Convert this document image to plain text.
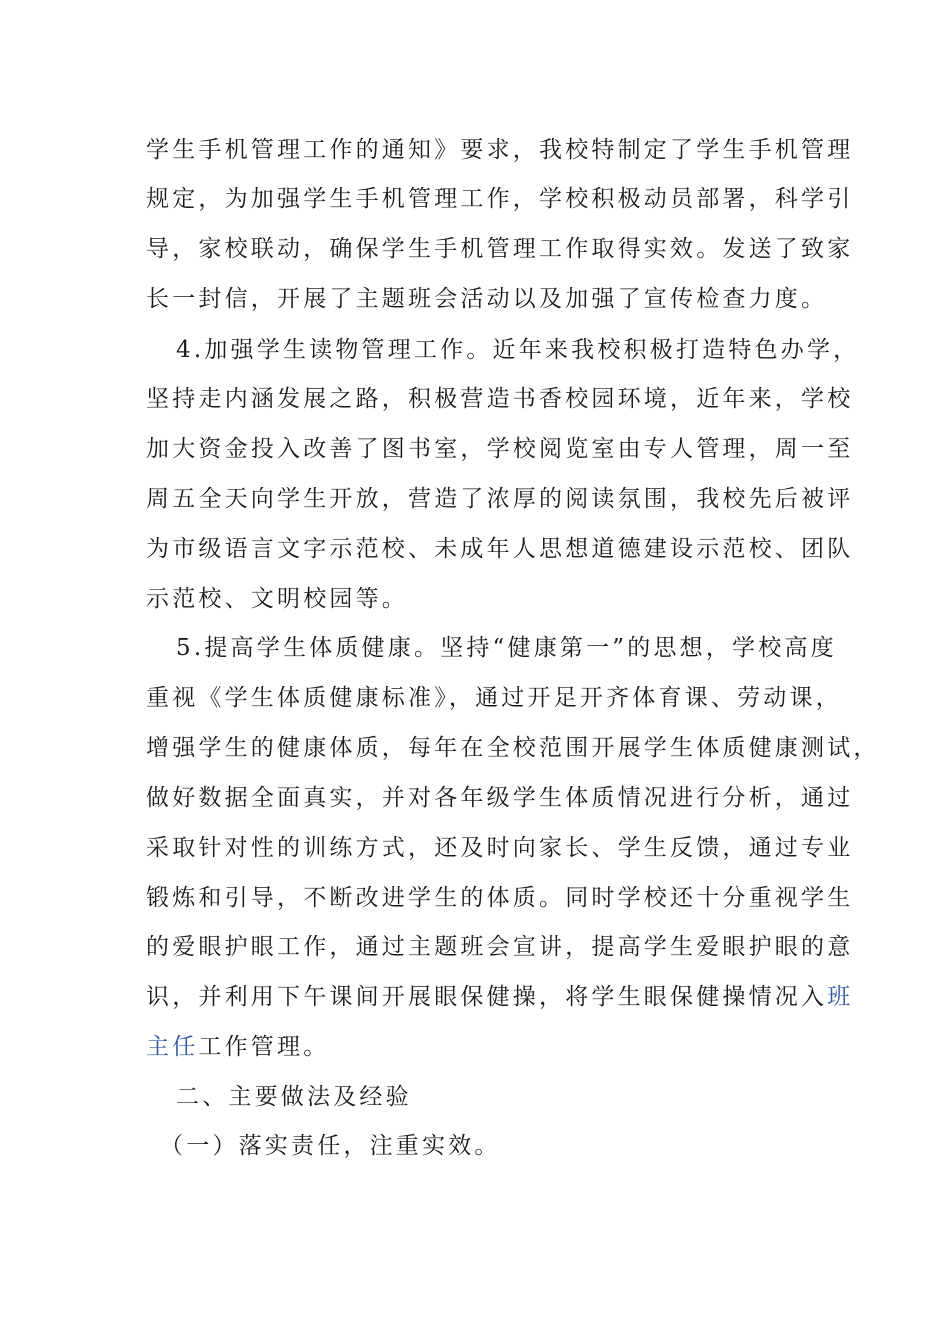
学生手机管理工作的通知》要求，我校特制定了学生手机管理
规定，为加强学生手机管理工作，学校积极动员部署，科学引
导，家校联动，确保学生手机管理工作取得实效。发送了致家
长一封信，开展了主题班会活动以及加强了宣传检查力度。
4.加强学生读物管理工作。近年来我校积极打造特色办学，
坚持走内涵发展之路，积极营造书香校园环境，近年来，学校
加大资金投入改善了图书室，学校阅览室由专人管理，周一至
周五全天向学生开放，营造了浓厚的阅读氛围，我校先后被评
为市级语言文字示范校、未成年人思想道德建设示范校、团队
示范校、文明校园等。
5.提高学生体质健康。坚持“健康第一”的思想，学校高度
重视《学生体质健康标准》，通过开足开齐体育课、劳动课，
增强学生的健康体质，每年在全校范围开展学生体质健康测试，
做好数据全面真实，并对各年级学生体质情况进行分析，通过
采取针对性的训练方式，还及时向家长、学生反馈，通过专业
锻炼和引导，不断改进学生的体质。同时学校还十分重视学生
的爱眼护眼工作，通过主题班会宣讲，提高学生爱眼护眼的意
识，并利用下午课间开展眼保健操，将学生眼保健操情况入班
主任工作管理。
二、主要做法及经验
（一）落实责任，注重实效。
